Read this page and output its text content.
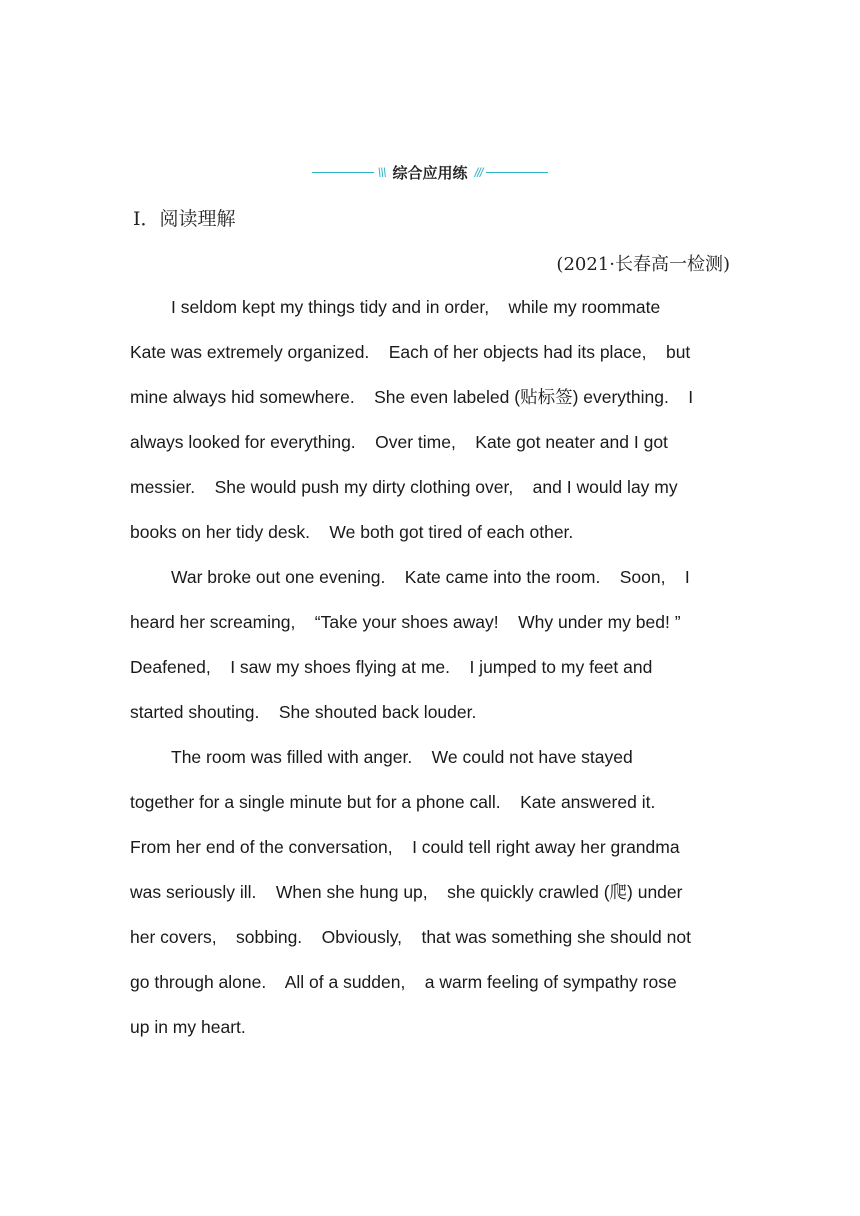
\\\ 综合应用练 ///
Ⅰ．阅读理解
(2021·长春高一检测)
I seldom kept my things tidy and in order,    while my roommate
Kate was extremely organized.    Each of her objects had its place,    but
mine always hid somewhere.    She even labeled (贴标签) everything.    I
always looked for everything.    Over time,    Kate got neater and I got
messier.    She would push my dirty clothing over,    and I would lay my
books on her tidy desk.    We both got tired of each other.
War broke out one evening.    Kate came into the room.    Soon,    I
heard her screaming,    “Take your shoes away!    Why under my bed! ”
Deafened,    I saw my shoes flying at me.    I jumped to my feet and
started shouting.    She shouted back louder.
The room was filled with anger.    We could not have stayed
together for a single minute but for a phone call.    Kate answered it.
From her end of the conversation,    I could tell right away her grandma
was seriously ill.    When she hung up,    she quickly crawled (爬) under
her covers,    sobbing.    Obviously,    that was something she should not
go through alone.    All of a sudden,    a warm feeling of sympathy rose
up in my heart.
